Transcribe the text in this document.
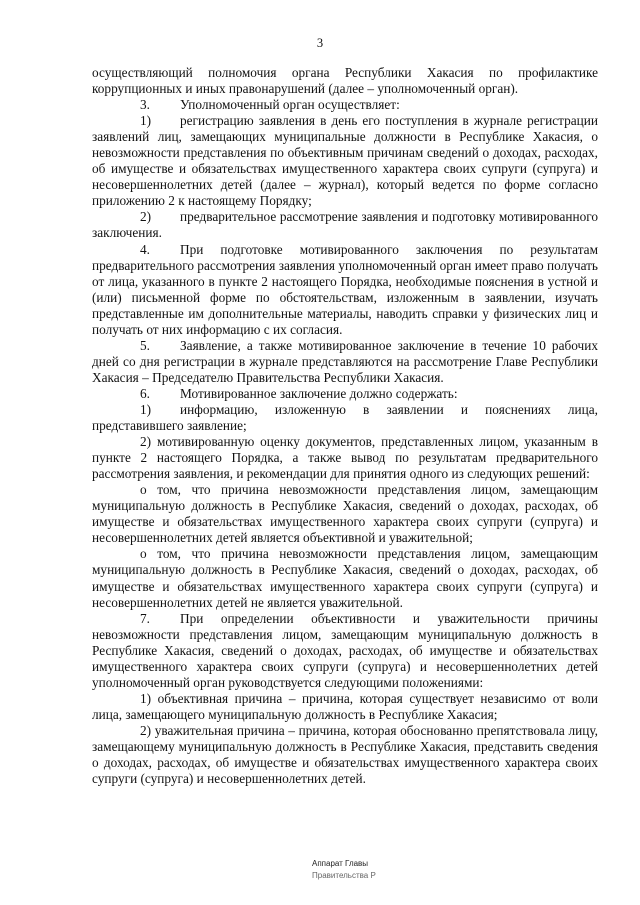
3

осуществляющий полномочия органа Республики Хакасия по профилактике коррупционных и иных правонарушений (далее – уполномоченный орган).

3. Уполномоченный орган осуществляет:

1) регистрацию заявления в день его поступления в журнале регистрации заявлений лиц, замещающих муниципальные должности в Республике Хакасия, о невозможности представления по объективным причинам сведений о доходах, расходах, об имуществе и обязательствах имущественного характера своих супруги (супруга) и несовершеннолетних детей (далее – журнал), который ведется по форме согласно приложению 2 к настоящему Порядку;

2) предварительное рассмотрение заявления и подготовку мотивированного заключения.

4. При подготовке мотивированного заключения по результатам предварительного рассмотрения заявления уполномоченный орган имеет право получать от лица, указанного в пункте 2 настоящего Порядка, необходимые пояснения в устной и (или) письменной форме по обстоятельствам, изложенным в заявлении, изучать представленные им дополнительные материалы, наводить справки у физических лиц и получать от них информацию с их согласия.

5. Заявление, а также мотивированное заключение в течение 10 рабочих дней со дня регистрации в журнале представляются на рассмотрение Главе Республики Хакасия – Председателю Правительства Республики Хакасия.

6. Мотивированное заключение должно содержать:

1) информацию, изложенную в заявлении и пояснениях лица, представившего заявление;

2) мотивированную оценку документов, представленных лицом, указанным в пункте 2 настоящего Порядка, а также вывод по результатам предварительного рассмотрения заявления, и рекомендации для принятия одного из следующих решений:

о том, что причина невозможности представления лицом, замещающим муниципальную должность в Республике Хакасия, сведений о доходах, расходах, об имуществе и обязательствах имущественного характера своих супруги (супруга) и несовершеннолетних детей является объективной и уважительной;

о том, что причина невозможности представления лицом, замещающим муниципальную должность в Республике Хакасия, сведений о доходах, расходах, об имуществе и обязательствах имущественного характера своих супруги (супруга) и несовершеннолетних детей не является уважительной.

7. При определении объективности и уважительности причины невозможности представления лицом, замещающим муниципальную должность в Республике Хакасия, сведений о доходах, расходах, об имуществе и обязательствах имущественного характера своих супруги (супруга) и несовершеннолетних детей уполномоченный орган руководствуется следующими положениями:

1) объективная причина – причина, которая существует независимо от воли лица, замещающего муниципальную должность в Республике Хакасия;

2) уважительная причина – причина, которая обоснованно препятствовала лицу, замещающему муниципальную должность в Республике Хакасия, представить сведения о доходах, расходах, об имуществе и обязательствах имущественного характера своих супруги (супруга) и несовершеннолетних детей.

Аппарат Главы
Правительства Р
